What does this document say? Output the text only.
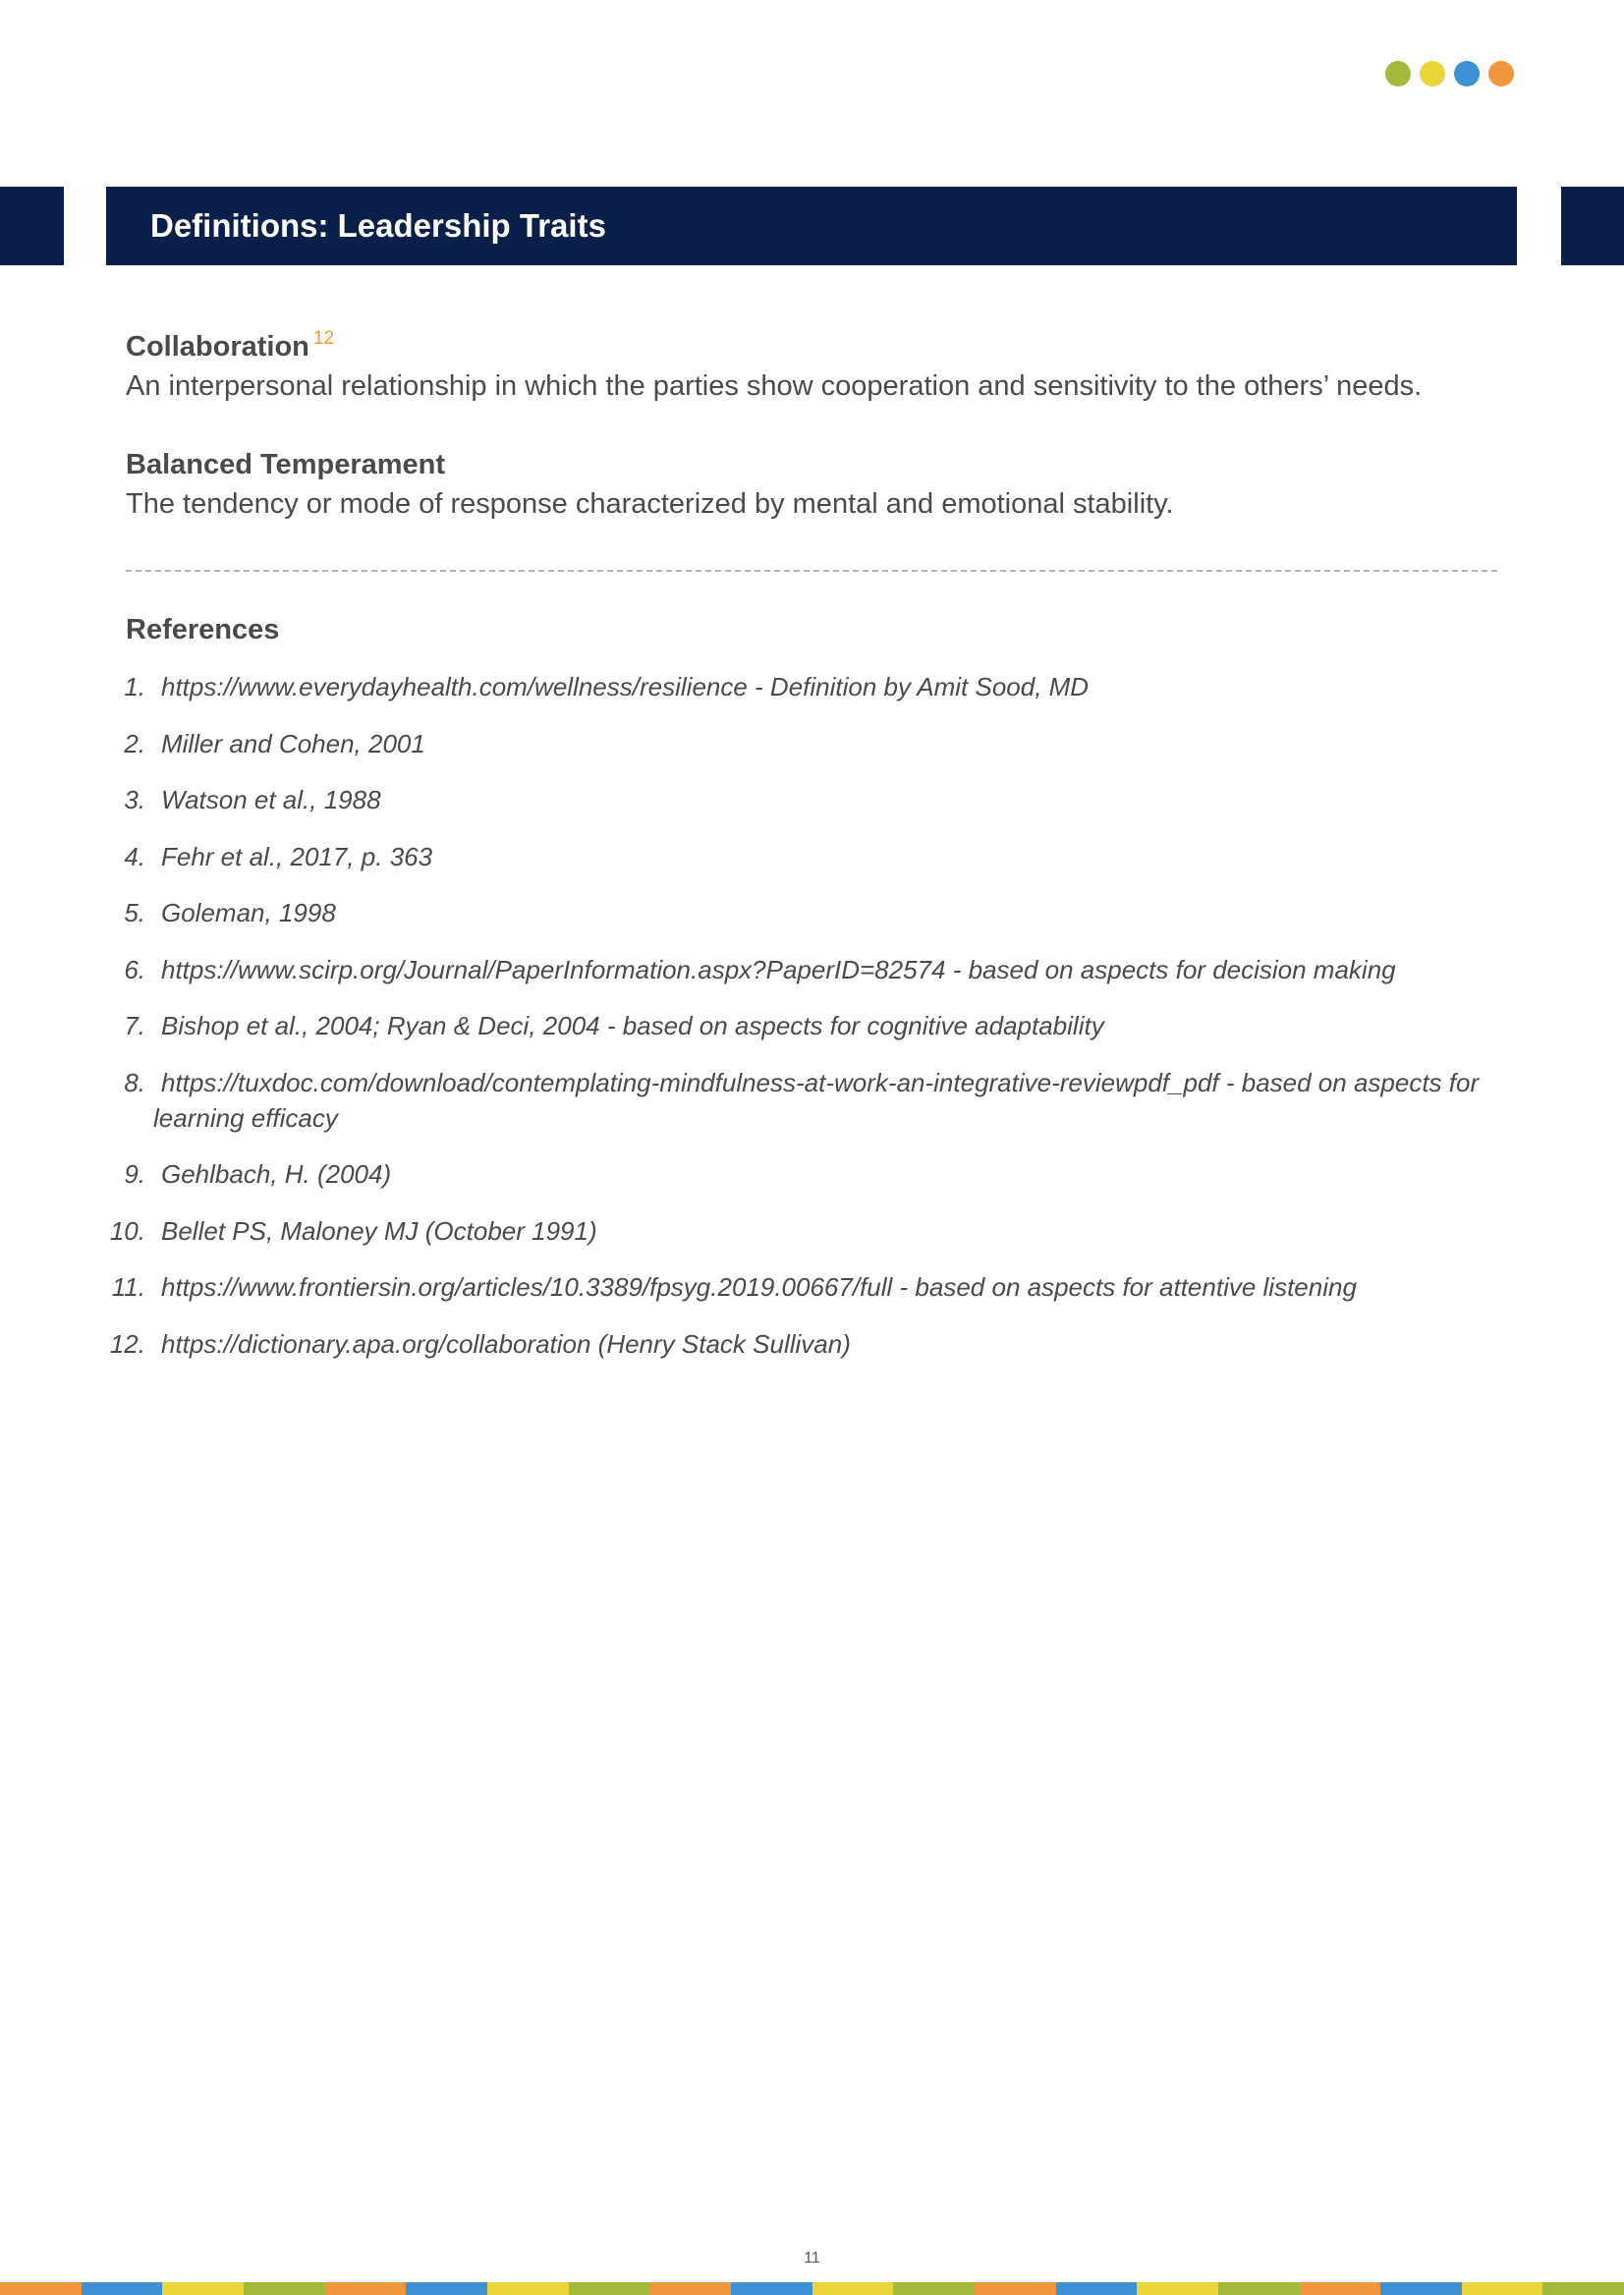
Definitions: Leadership Traits
Collaboration $^{12}$
An interpersonal relationship in which the parties show cooperation and sensitivity to the others’ needs.
Balanced Temperament
The tendency or mode of response characterized by mental and emotional stability.
References
1. https://www.everydayhealth.com/wellness/resilience - Definition by Amit Sood, MD
2. Miller and Cohen, 2001
3. Watson et al., 1988
4. Fehr et al., 2017, p. 363
5. Goleman, 1998
6. https://www.scirp.org/Journal/PaperInformation.aspx?PaperID=82574 - based on aspects for decision making
7. Bishop et al., 2004; Ryan & Deci, 2004 - based on aspects for cognitive adaptability
8. https://tuxdoc.com/download/contemplating-mindfulness-at-work-an-integrative-reviewpdf_pdf - based on aspects for learning efficacy
9. Gehlbach, H. (2004)
10. Bellet PS, Maloney MJ (October 1991)
11. https://www.frontiersin.org/articles/10.3389/fpsyg.2019.00667/full - based on aspects for attentive listening
12. https://dictionary.apa.org/collaboration (Henry Stack Sullivan)
11
